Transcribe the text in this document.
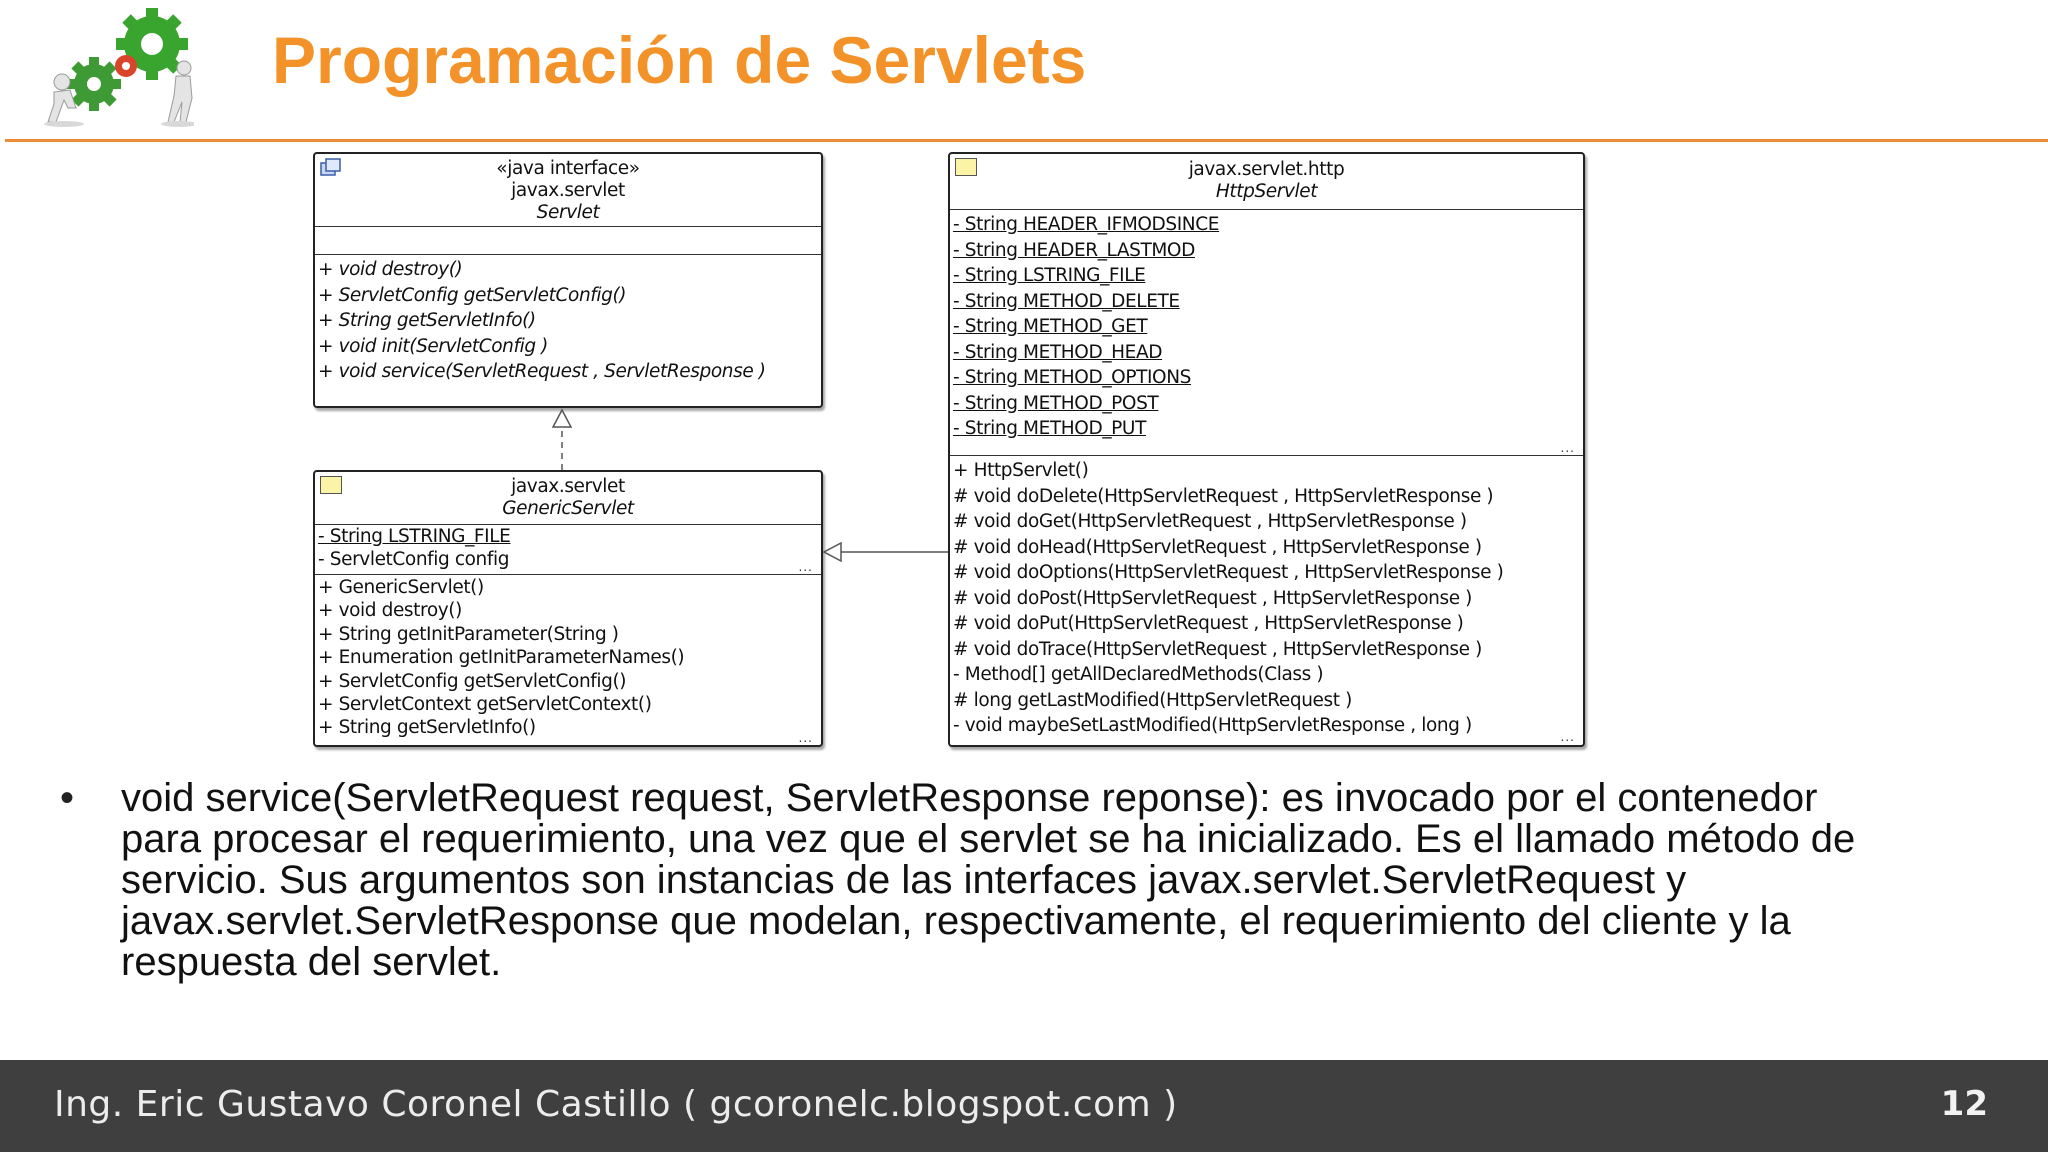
Programación de Servlets
«java interface»
javax.servlet
Servlet
+ void destroy()
+ ServletConfig getServletConfig()
+ String getServletInfo()
+ void init(ServletConfig )
+ void service(ServletRequest , ServletResponse )
javax.servlet
GenericServlet
- String LSTRING_FILE
- ServletConfig config	...
+ GenericServlet()
+ void destroy()
+ String getInitParameter(String )
+ Enumeration getInitParameterNames()
+ ServletConfig getServletConfig()
+ ServletContext getServletContext()
+ String getServletInfo()	...
javax.servlet.http
HttpServlet
- String HEADER_IFMODSINCE
- String HEADER_LASTMOD
- String LSTRING_FILE
- String METHOD_DELETE
- String METHOD_GET
- String METHOD_HEAD
- String METHOD_OPTIONS
- String METHOD_POST
- String METHOD_PUT
...
+ HttpServlet()
# void doDelete(HttpServletRequest , HttpServletResponse )
# void doGet(HttpServletRequest , HttpServletResponse )
# void doHead(HttpServletRequest , HttpServletResponse )
# void doOptions(HttpServletRequest , HttpServletResponse )
# void doPost(HttpServletRequest , HttpServletResponse )
# void doPut(HttpServletRequest , HttpServletResponse )
# void doTrace(HttpServletRequest , HttpServletResponse )
- Method[] getAllDeclaredMethods(Class )
# long getLastModified(HttpServletRequest )
- void maybeSetLastModified(HttpServletResponse , long )
...
• void service(ServletRequest request, ServletResponse reponse): es invocado por el contenedor
para procesar el requerimiento, una vez que el servlet se ha inicializado. Es el llamado método de
servicio. Sus argumentos son instancias de las interfaces javax.servlet.ServletRequest y
javax.servlet.ServletResponse que modelan, respectivamente, el requerimiento del cliente y la
respuesta del servlet.
Ing. Eric Gustavo Coronel Castillo ( gcoronelc.blogspot.com )	12
